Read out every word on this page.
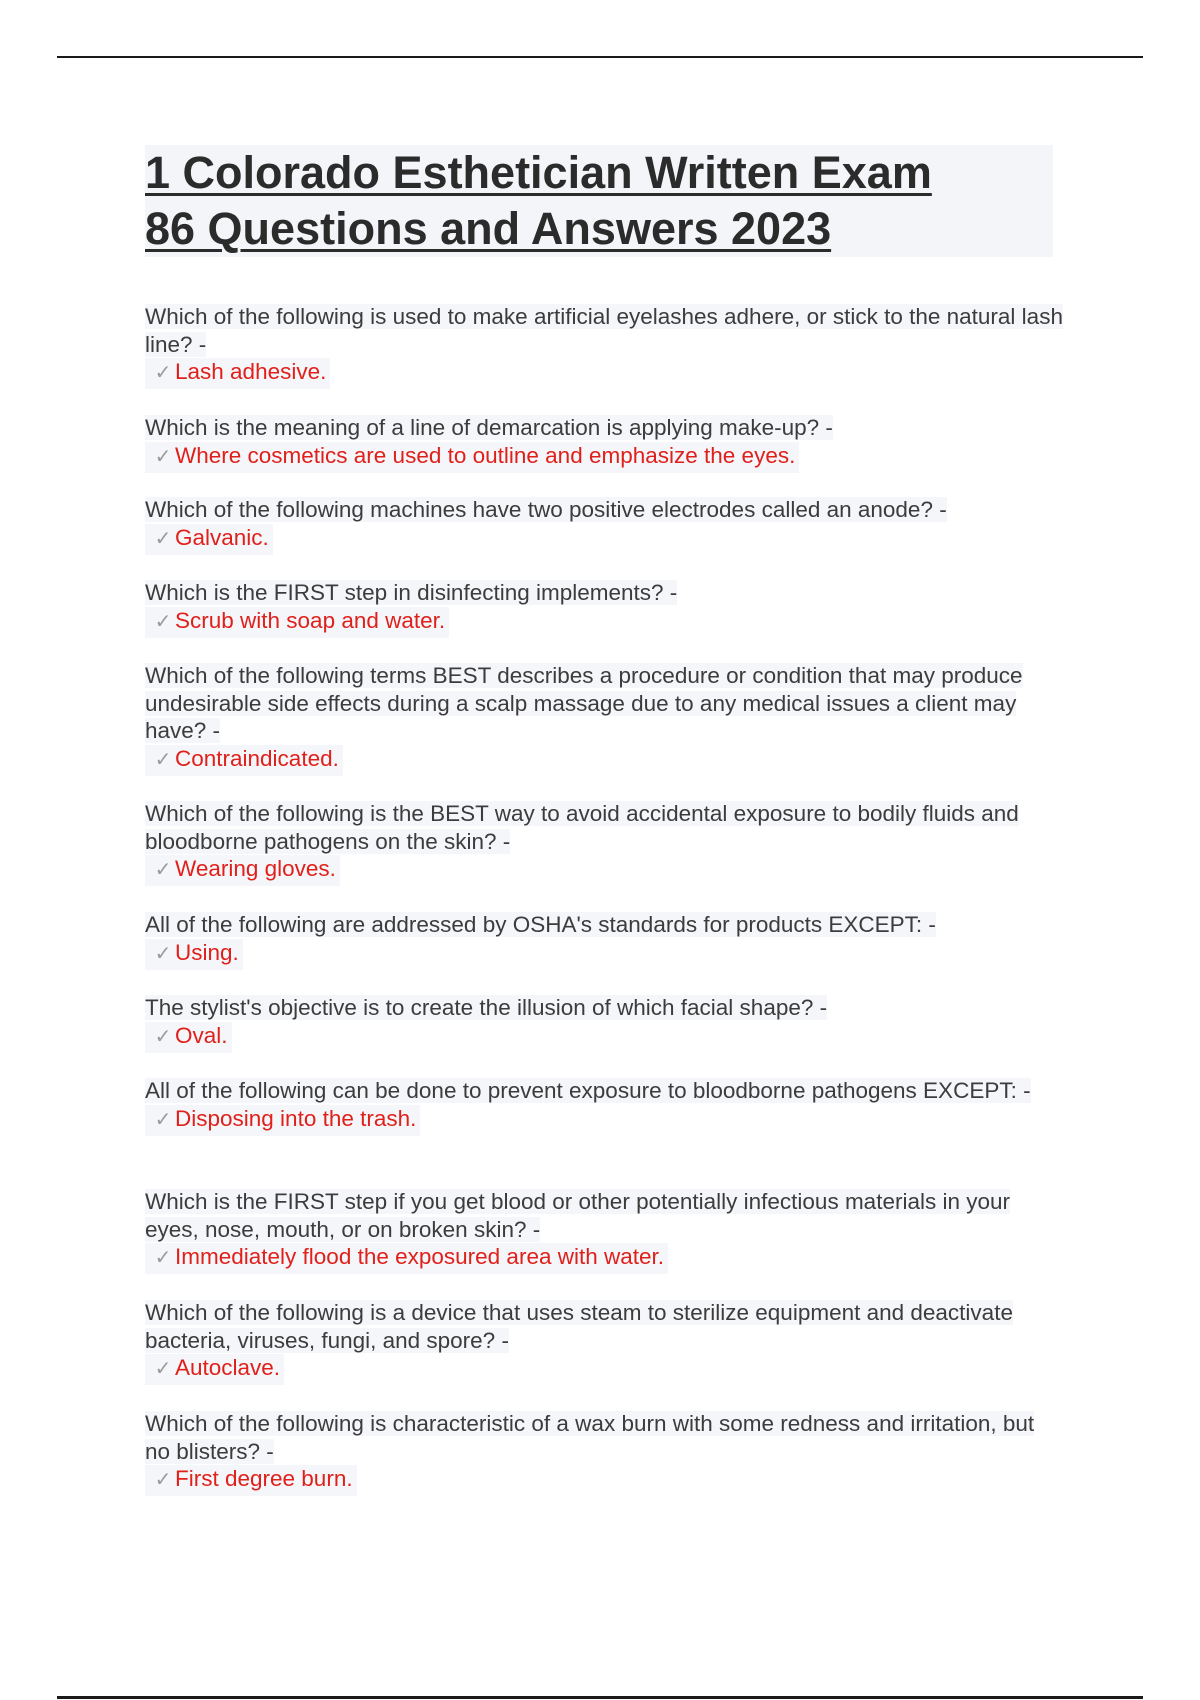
1 Colorado Esthetician Written Exam
86 Questions and Answers 2023
Which of the following is used to make artificial eyelashes adhere, or stick to the natural lash line? -
✓ Lash adhesive.
Which is the meaning of a line of demarcation is applying make-up? -
✓ Where cosmetics are used to outline and emphasize the eyes.
Which of the following machines have two positive electrodes called an anode? -
✓ Galvanic.
Which is the FIRST step in disinfecting implements? -
✓ Scrub with soap and water.
Which of the following terms BEST describes a procedure or condition that may produce undesirable side effects during a scalp massage due to any medical issues a client may have? -
✓ Contraindicated.
Which of the following is the BEST way to avoid accidental exposure to bodily fluids and bloodborne pathogens on the skin? -
✓ Wearing gloves.
All of the following are addressed by OSHA's standards for products EXCEPT: -
✓ Using.
The stylist's objective is to create the illusion of which facial shape? -
✓ Oval.
All of the following can be done to prevent exposure to bloodborne pathogens EXCEPT: -
✓ Disposing into the trash.
Which is the FIRST step if you get blood or other potentially infectious materials in your eyes, nose, mouth, or on broken skin? -
✓ Immediately flood the exposured area with water.
Which of the following is a device that uses steam to sterilize equipment and deactivate bacteria, viruses, fungi, and spore? -
✓ Autoclave.
Which of the following is characteristic of a wax burn with some redness and irritation, but no blisters? -
✓ First degree burn.
